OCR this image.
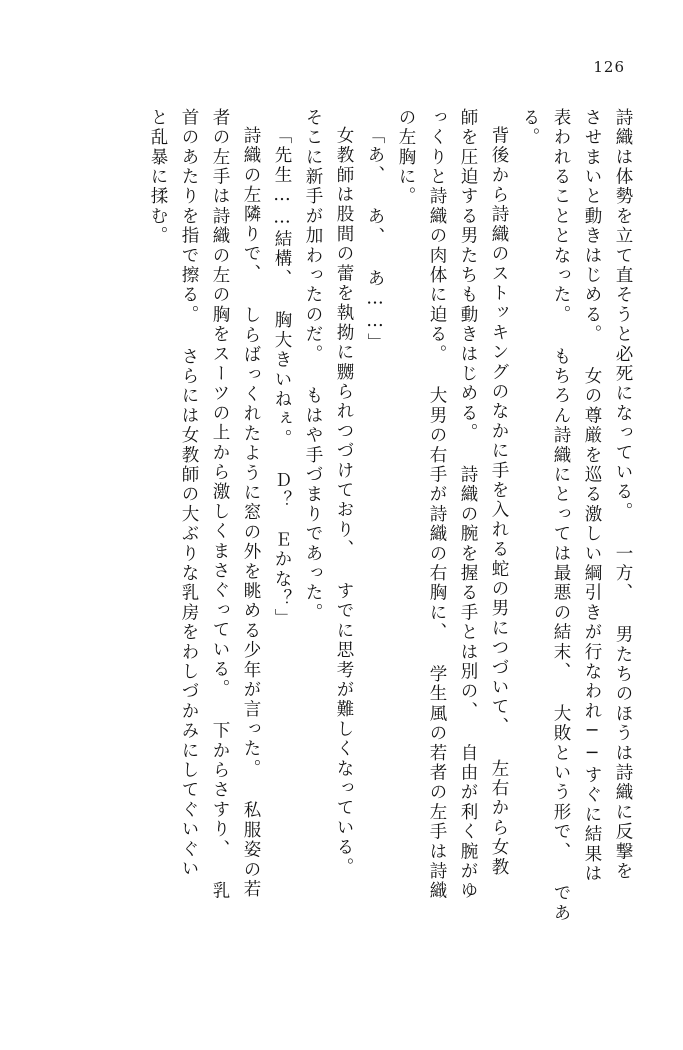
126
詩織は体勢を立て直そうと必死になっている。 一方、 男たちのほうは詩織に反撃を
させまいと動きはじめる。 女の尊厳を巡る激しい綱引きが行なわれ──すぐに結果は
表われることとなった。 もちろん詩織にとっては最悪の結末、 大敗という形で、 であ
る。
背後から詩織のストッキングのなかに手を入れる蛇の男につづいて、 左右から女教
師を圧迫する男たちも動きはじめる。 詩織の腕を握る手とは別の、 自由が利く腕がゆ
っくりと詩織の肉体に迫る。 大男の右手が詩織の右胸に、 学生風の若者の左手は詩織
の左胸に。
「あ、 あ、 あ……」
女教師は股間の蕾を執拗に嬲られつづけており、 すでに思考が難しくなっている。
そこに新手が加わったのだ。 もはや手づまりであった。
「先生……結構、 胸大きいねぇ。 Ｄ？　Ｅかな？」
詩織の左隣りで、 しらばっくれたように窓の外を眺める少年が言った。 私服姿の若
者の左手は詩織の左の胸をスーツの上から激しくまさぐっている。 下からさすり、 乳
首のあたりを指で擦る。 さらには女教師の大ぶりな乳房をわしづかみにしてぐいぐい
と乱暴に揉む。
